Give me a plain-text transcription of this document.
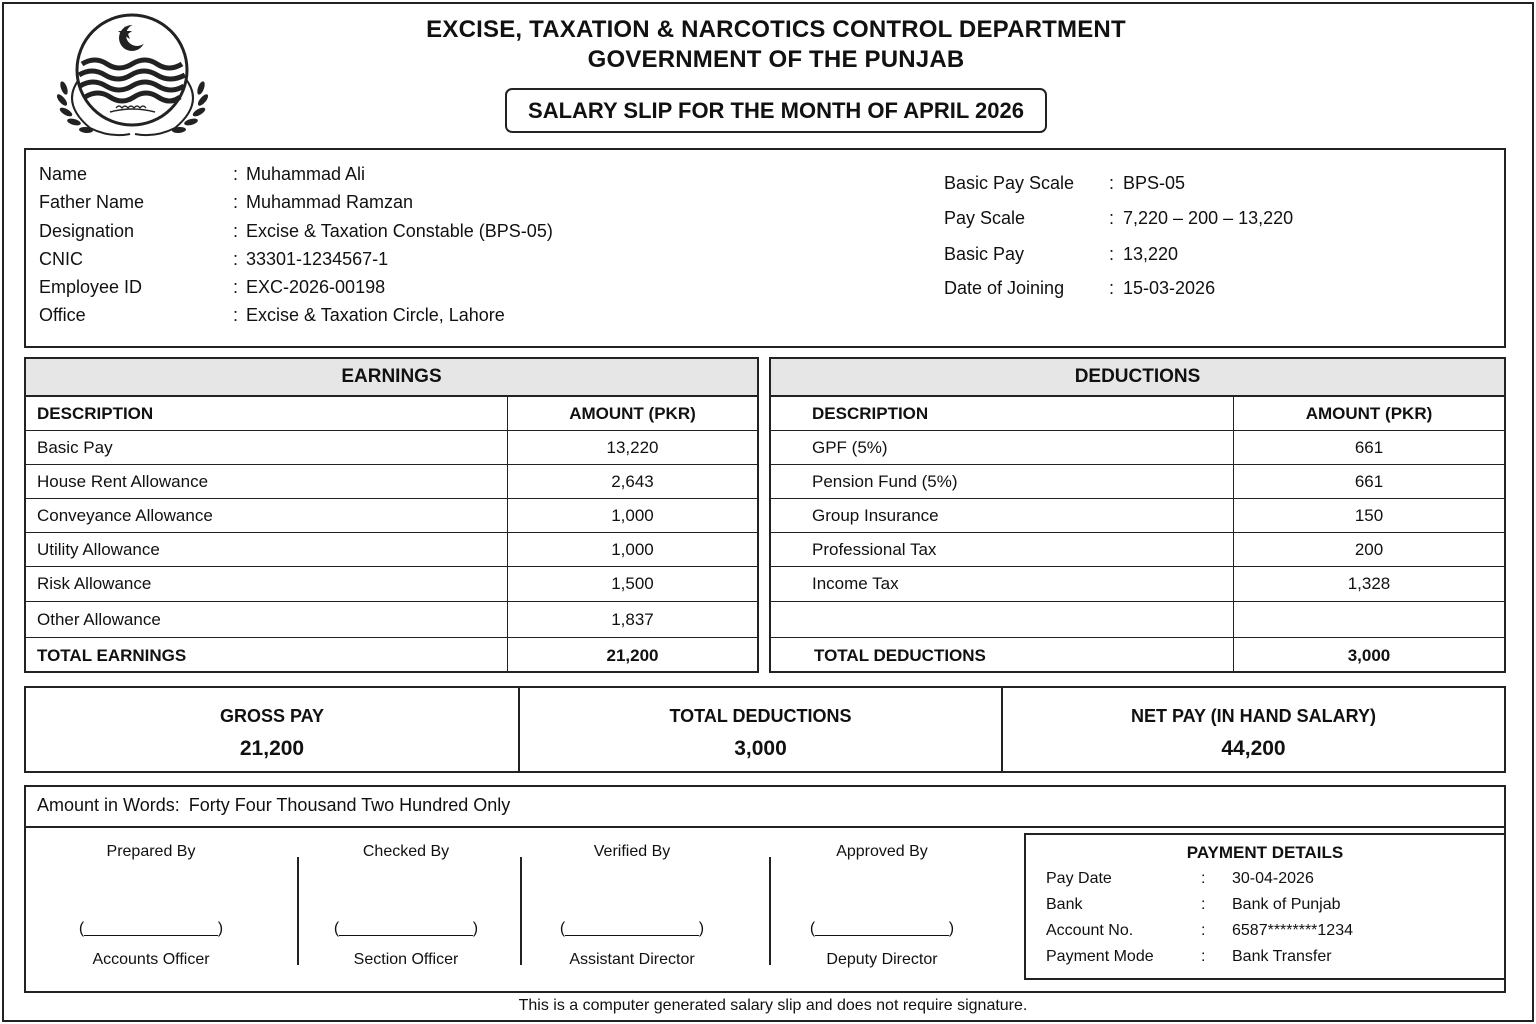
EXCISE, TAXATION & NARCOTICS CONTROL DEPARTMENT
GOVERNMENT OF THE PUNJAB
SALARY SLIP FOR THE MONTH OF APRIL 2026
Name	: Muhammad Ali
Father Name	: Muhammad Ramzan
Designation	: Excise & Taxation Constable (BPS-05)
CNIC	: 33301-1234567-1
Employee ID	: EXC-2026-00198
Office	: Excise & Taxation Circle, Lahore
Basic Pay Scale : BPS-05
Pay Scale	: 7,220 – 200 – 13,220
Basic Pay	: 13,220
Date of Joining : 15-03-2026
EARNINGS
DESCRIPTION	AMOUNT (PKR)
Basic Pay	13,220
House Rent Allowance	2,643
Conveyance Allowance	1,000
Utility Allowance	1,000
Risk Allowance	1,500
Other Allowance	1,837
TOTAL EARNINGS	21,200
DEDUCTIONS
DESCRIPTION	AMOUNT (PKR)
GPF (5%)	661
Pension Fund (5%)	661
Group Insurance	150
Professional Tax	200
Income Tax	1,328
TOTAL DEDUCTIONS	3,000
GROSS PAY
21,200
TOTAL DEDUCTIONS
3,000
NET PAY (IN HAND SALARY)
44,200
Amount in Words: Forty Four Thousand Two Hundred Only
Prepared By
(_______________)
Accounts Officer
Checked By
(_______________)
Section Officer
Verified By
(_______________)
Assistant Director
Approved By
(_______________)
Deputy Director
PAYMENT DETAILS
Pay Date	: 30-04-2026
Bank	: Bank of Punjab
Account No.	: 6587********1234
Payment Mode	: Bank Transfer
This is a computer generated salary slip and does not require signature.
